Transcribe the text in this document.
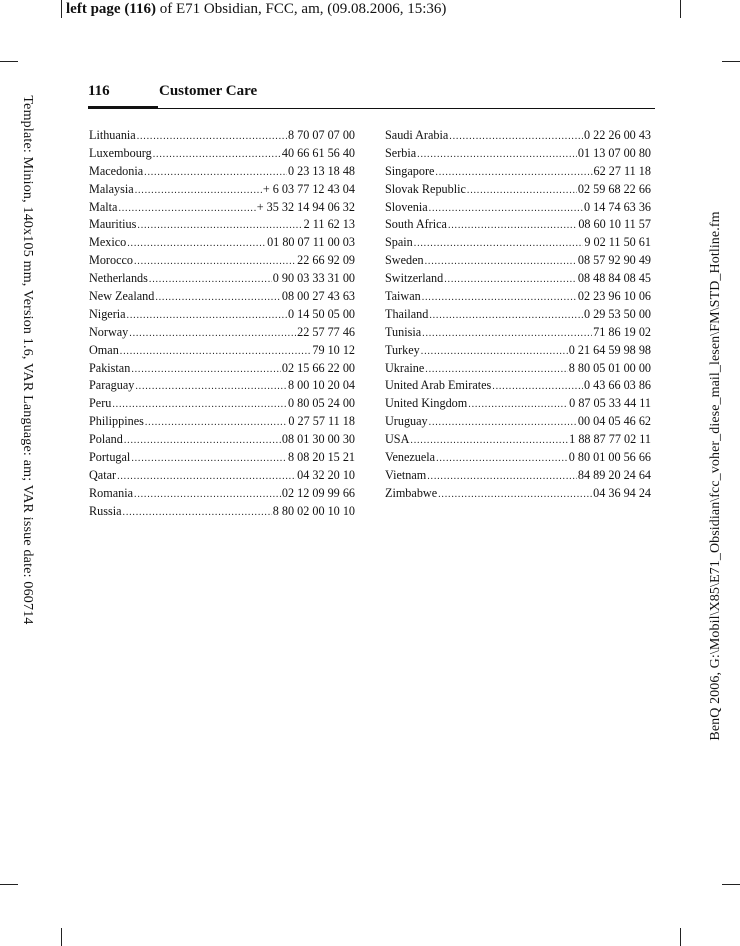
left page (116) of E71 Obsidian, FCC, am, (09.08.2006, 15:36)
Template: Minion, 140x105 mm, Version 1.6, VAR Language: am; VAR issue date: 060714	BenQ 2006, G:\Mobil\X85\E71_Obsidian\fcc_voher_diese_mail_lesen\FM\STD_Hotline.fm
116	Customer Care
Lithuania .....	8 70 07 07 00
Luxembourg .....	40 66 61 56 40
Macedonia .....	0 23 13 18 48
Malaysia .....	+ 6 03 77 12 43 04
Malta .....	+ 35 32 14 94 06 32
Mauritius .....	2 11 62 13
Mexico .....	01 80 07 11 00 03
Morocco .....	22 66 92 09
Netherlands .....	0 90 03 33 31 00
New Zealand .....	08 00 27 43 63
Nigeria .....	0 14 50 05 00
Norway .....	22 57 77 46
Oman .....	79 10 12
Pakistan .....	02 15 66 22 00
Paraguay .....	8 00 10 20 04
Peru .....	0 80 05 24 00
Philippines .....	0 27 57 11 18
Poland .....	08 01 30 00 30
Portugal .....	8 08 20 15 21
Qatar .....	04 32 20 10
Romania .....	02 12 09 99 66
Russia .....	8 80 02 00 10 10
Saudi Arabia .....	0 22 26 00 43
Serbia .....	01 13 07 00 80
Singapore .....	62 27 11 18
Slovak Republic .....	02 59 68 22 66
Slovenia .....	0 14 74 63 36
South Africa .....	08 60 10 11 57
Spain .....	9 02 11 50 61
Sweden .....	08 57 92 90 49
Switzerland .....	08 48 84 08 45
Taiwan .....	02 23 96 10 06
Thailand .....	0 29 53 50 00
Tunisia .....	71 86 19 02
Turkey .....	0 21 64 59 98 98
Ukraine .....	8 80 05 01 00 00
United Arab Emirates .....	0 43 66 03 86
United Kingdom .....	0 87 05 33 44 11
Uruguay .....	00 04 05 46 62
USA .....	1 88 87 77 02 11
Venezuela .....	0 80 01 00 56 66
Vietnam .....	84 89 20 24 64
Zimbabwe .....	04 36 94 24
